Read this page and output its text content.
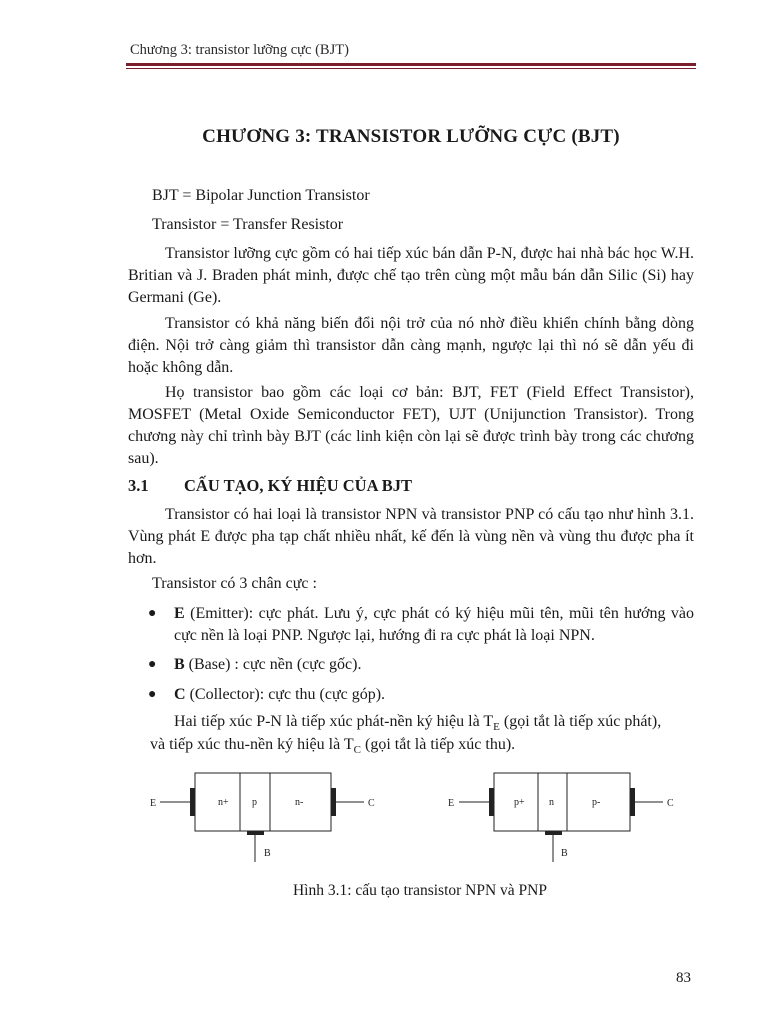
Chương 3: transistor lưỡng cực (BJT)
CHƯƠNG 3: TRANSISTOR LƯỠNG CỰC (BJT)
BJT = Bipolar Junction Transistor
Transistor = Transfer Resistor
Transistor lưỡng cực gồm có hai tiếp xúc bán dẫn P-N, được hai nhà bác học W.H. Britian và J. Braden phát minh, được chế tạo trên cùng một mẫu bán dẫn Silic (Si) hay Germani (Ge).
Transistor có khả năng biến đổi nội trở của nó nhờ điều khiển chính bằng dòng điện. Nội trở càng giảm thì transistor dẫn càng mạnh, ngược lại thì nó sẽ dẫn yếu đi hoặc không dẫn.
Họ transistor bao gồm các loại cơ bản: BJT, FET (Field Effect Transistor), MOSFET (Metal Oxide Semiconductor FET), UJT (Unijunction Transistor). Trong chương này chỉ trình bày BJT (các linh kiện còn lại sẽ được trình bày trong các chương sau).
3.1 CẤU TẠO, KÝ HIỆU CỦA BJT
Transistor có hai loại là transistor NPN và transistor PNP có cấu tạo như hình 3.1. Vùng phát E được pha tạp chất nhiều nhất, kế đến là vùng nền và vùng thu được pha ít hơn.
Transistor có 3 chân cực :
● E (Emitter): cực phát. Lưu ý, cực phát có ký hiệu mũi tên, mũi tên hướng vào cực nền là loại PNP. Ngược lại, hướng đi ra cực phát là loại NPN.
● B (Base) : cực nền (cực gốc).
● C (Collector): cực thu (cực góp).
Hai tiếp xúc P-N là tiếp xúc phát-nền ký hiệu là $T_E$ (gọi tắt là tiếp xúc phát),
và tiếp xúc thu-nền ký hiệu là $T_C$ (gọi tắt là tiếp xúc thu).
E	n+ p	n-	C
B
E	p+ n	p-	C
B
Hình 3.1: cấu tạo transistor NPN và PNP
83
